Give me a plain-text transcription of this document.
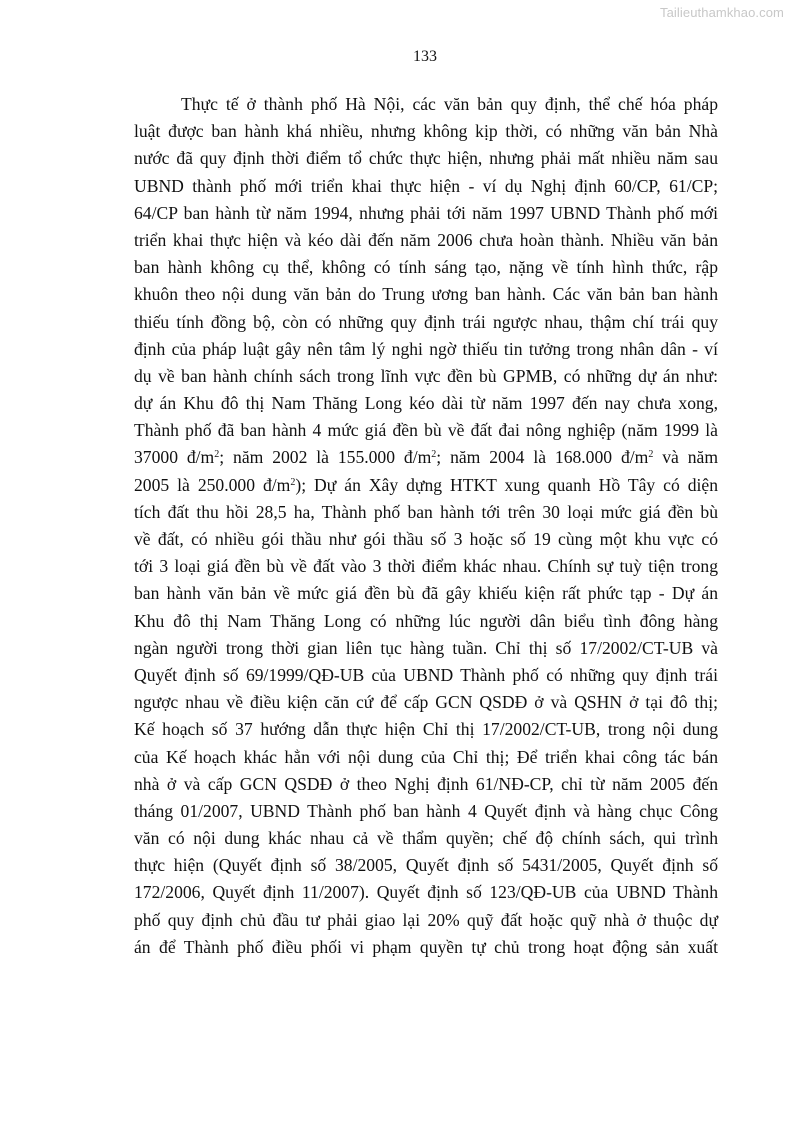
Tailieuthamkhao.com
133
Thực tế ở thành phố Hà Nội, các văn bản quy định, thể chế hóa pháp
luật được ban hành khá nhiều, nhưng không kịp thời, có những văn bản Nhà
nước đã quy định thời điểm tổ chức thực hiện, nhưng phải mất nhiều năm sau
UBND thành phố mới triển khai thực hiện - ví dụ Nghị định 60/CP, 61/CP;
64/CP ban hành từ năm 1994, nhưng phải tới năm 1997 UBND Thành phố mới
triển khai thực hiện và kéo dài đến năm 2006 chưa hoàn thành. Nhiều văn bản
ban hành không cụ thể, không có tính sáng tạo, nặng về tính hình thức, rập
khuôn theo nội dung văn bản do Trung ương ban hành. Các văn bản ban hành
thiếu tính đồng bộ, còn có những quy định trái ngược nhau, thậm chí trái quy
định của pháp luật gây nên tâm lý nghi ngờ thiếu tin tưởng trong nhân dân - ví
dụ về ban hành chính sách trong lĩnh vực đền bù GPMB, có những dự án như:
dự án Khu đô thị Nam Thăng Long kéo dài từ năm 1997 đến nay chưa xong,
Thành phố đã ban hành 4 mức giá đền bù về đất đai nông nghiệp (năm 1999 là
37000 $đ/m^2$; năm 2002 là 155.000 $đ/m^2$; năm 2004 là 168.000 $đ/m^2$ và năm
2005 là 250.000 $đ/m^2$); Dự án Xây dựng HTKT xung quanh Hồ Tây có diện
tích đất thu hồi 28,5 ha, Thành phố ban hành tới trên 30 loại mức giá đền bù
về đất, có nhiều gói thầu như gói thầu số 3 hoặc số 19 cùng một khu vực có
tới 3 loại giá đền bù về đất vào 3 thời điểm khác nhau. Chính sự tuỳ tiện trong
ban hành văn bản về mức giá đền bù đã gây khiếu kiện rất phức tạp - Dự án
Khu đô thị Nam Thăng Long có những lúc người dân biểu tình đông hàng
ngàn người trong thời gian liên tục hàng tuần. Chỉ thị số 17/2002/CT-UB và
Quyết định số 69/1999/QĐ-UB của UBND Thành phố có những quy định trái
ngược nhau về điều kiện căn cứ để cấp GCN QSDĐ ở và QSHN ở tại đô thị;
Kế hoạch số 37 hướng dẫn thực hiện Chỉ thị 17/2002/CT-UB, trong nội dung
của Kế hoạch khác hẳn với nội dung của Chỉ thị; Để triển khai công tác bán
nhà ở và cấp GCN QSDĐ ở theo Nghị định 61/NĐ-CP, chỉ từ năm 2005 đến
tháng 01/2007, UBND Thành phố ban hành 4 Quyết định và hàng chục Công
văn có nội dung khác nhau cả về thẩm quyền; chế độ chính sách, qui trình
thực hiện (Quyết định số 38/2005, Quyết định số 5431/2005, Quyết định số
172/2006, Quyết định 11/2007). Quyết định số 123/QĐ-UB của UBND Thành
phố quy định chủ đầu tư phải giao lại 20% quỹ đất hoặc quỹ nhà ở thuộc dự
án để Thành phố điều phối vi phạm quyền tự chủ trong hoạt động sản xuất
